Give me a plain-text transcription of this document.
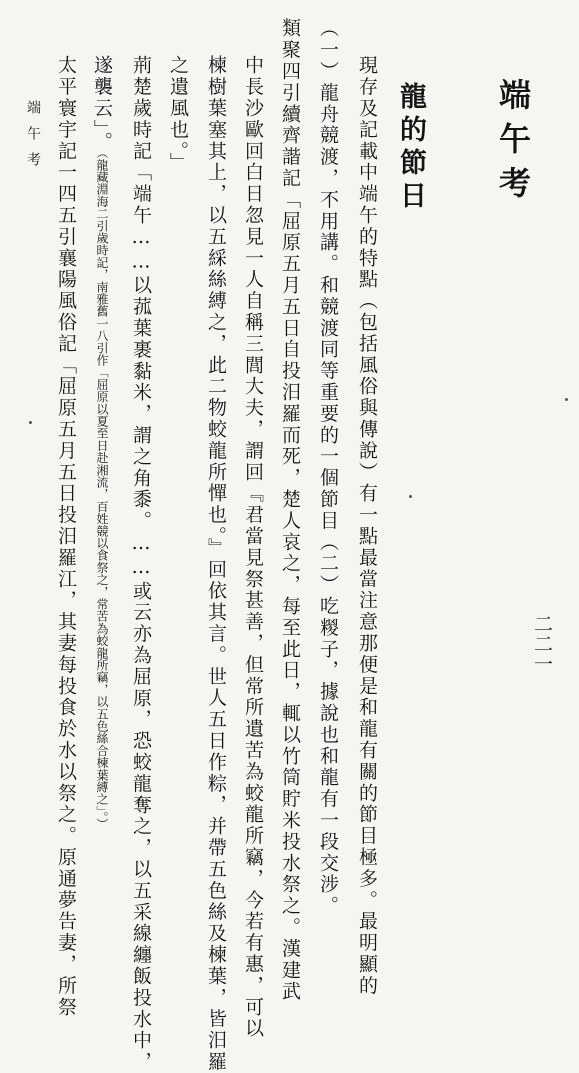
端午考
龍的節日
現存及記載中端午的特點（包括風俗與傳說）有一點最當注意那便是和龍有關的節目極多。最明顯的
（一）龍舟競渡，不用講。和競渡同等重要的一個節目（二）吃糉子，據說也和龍有一段交涉。
類聚四引續齊諧記「屈原五月五日自投汨羅而死，楚人哀之，每至此日，輒以竹筒貯米投水祭之。漢建武
中長沙歐回白日忽見一人自稱三閭大夫，謂回『君當見祭甚善，但常所遺苦為蛟龍所竊，今若有惠，可以
楝樹葉塞其上，以五綵絲縛之，此二物蛟龍所憚也。』回依其言。世人五日作粽，并帶五色絲及楝葉，皆汨羅
之遺風也。」
荊楚歲時記「端午……以菰葉裹黏米，謂之角黍。……或云亦為屈原，恐蛟龍奪之，以五采線纏飯投水中，
遂襲云」。（龍藏淵海二引歲時記，南雅舊一八引作「屈原以夏至日赴湘流，百姓競以食祭之，常苦為蛟龍所竊，以五色絲合楝葉縛之」。）
太平寰宇記一四五引襄陽風俗記「屈原五月五日投汨羅江，其妻每投食於水以祭之。原通夢告妻，所祭
端午考
二二一
